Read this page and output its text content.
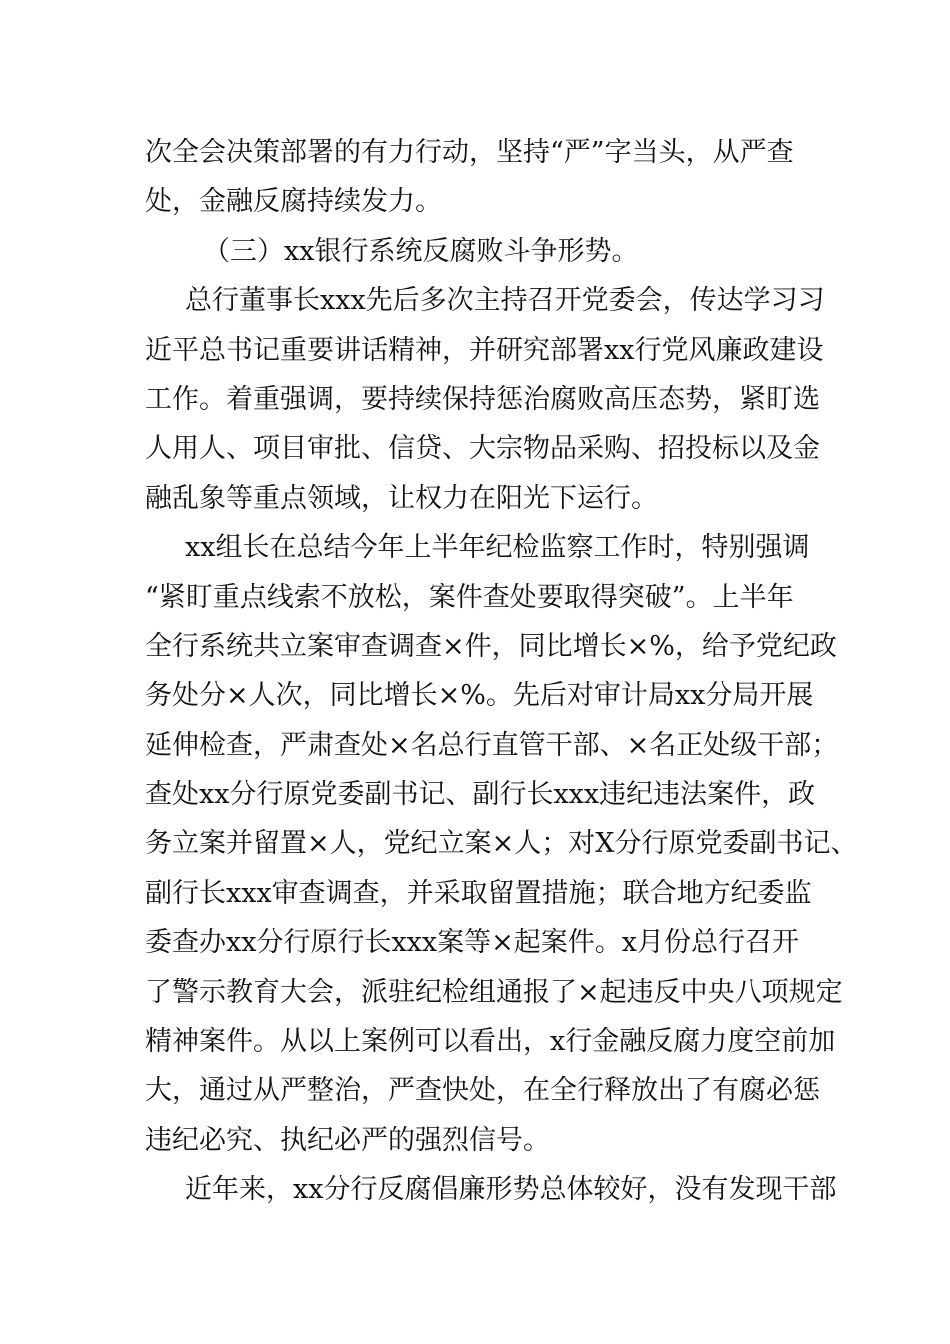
次全会决策部署的有力行动，坚持“严”字当头，从严查
处，金融反腐持续发力。
（三）xx银行系统反腐败斗争形势。
总行董事长xxx先后多次主持召开党委会，传达学习习
近平总书记重要讲话精神，并研究部署xx行党风廉政建设
工作。着重强调，要持续保持惩治腐败高压态势，紧盯选
人用人、项目审批、信贷、大宗物品采购、招投标以及金
融乱象等重点领域，让权力在阳光下运行。
xx组长在总结今年上半年纪检监察工作时，特别强调
“紧盯重点线索不放松，案件查处要取得突破”。上半年
全行系统共立案审查调查×件，同比增长×%，给予党纪政
务处分×人次，同比增长×%。先后对审计局xx分局开展
延伸检查，严肃查处×名总行直管干部、×名正处级干部；
查处xx分行原党委副书记、副行长xxx违纪违法案件，政
务立案并留置×人，党纪立案×人；对X分行原党委副书记、
副行长xxx审查调查，并采取留置措施；联合地方纪委监
委查办xx分行原行长xxx案等×起案件。x月份总行召开
了警示教育大会，派驻纪检组通报了×起违反中央八项规定
精神案件。从以上案例可以看出，x行金融反腐力度空前加
大，通过从严整治，严查快处，在全行释放出了有腐必惩
违纪必究、执纪必严的强烈信号。
近年来，xx分行反腐倡廉形势总体较好，没有发现干部
